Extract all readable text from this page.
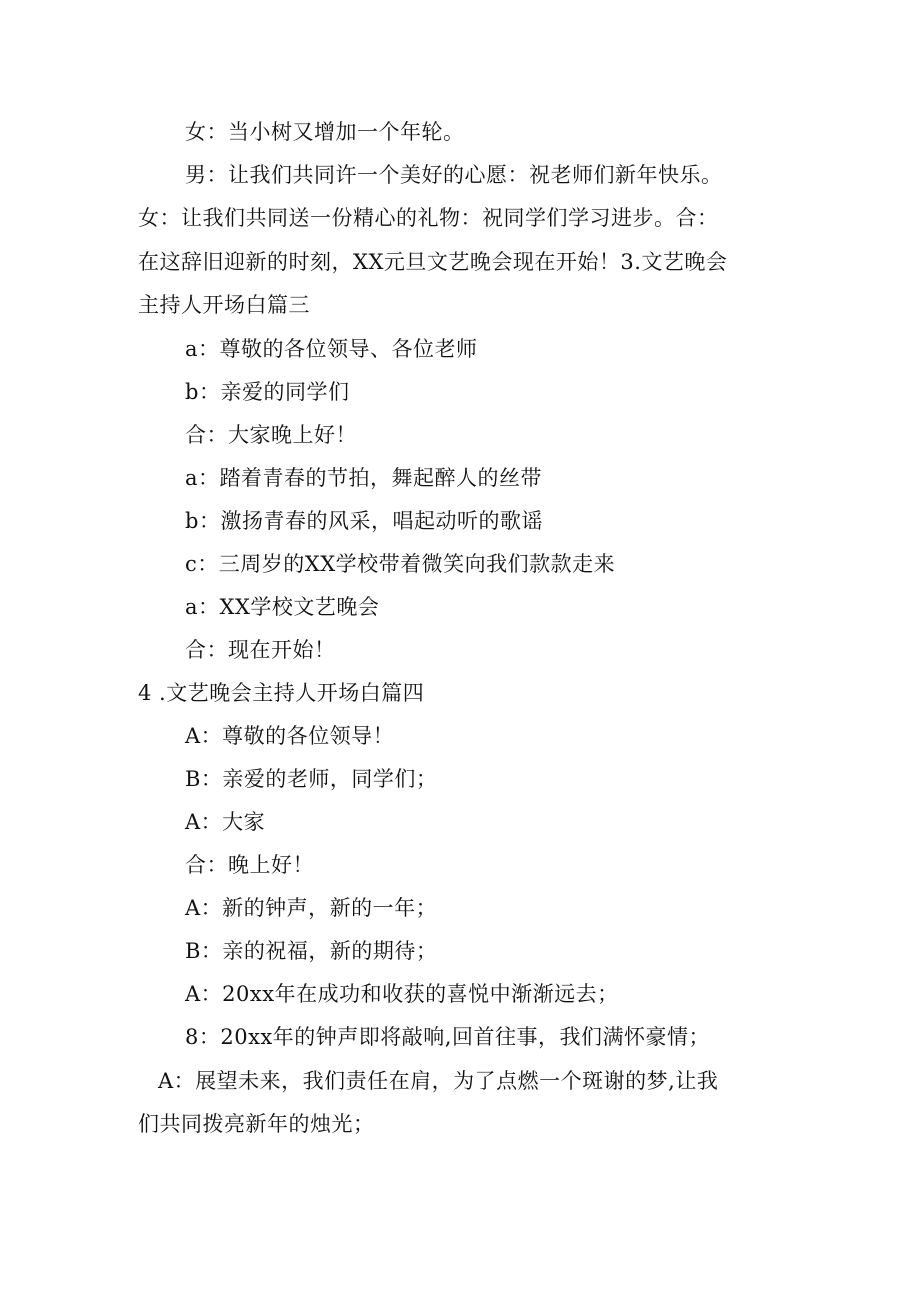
女：当小树又增加一个年轮。
男：让我们共同许一个美好的心愿：祝老师们新年快乐。
女：让我们共同送一份精心的礼物：祝同学们学习进步。合：
在这辞旧迎新的时刻，XX元旦文艺晚会现在开始！3.文艺晚会
主持人开场白篇三
a：尊敬的各位领导、各位老师
b：亲爱的同学们
合：大家晚上好！
a：踏着青春的节拍，舞起醉人的丝带
b：激扬青春的风采，唱起动听的歌谣
c：三周岁的XX学校带着微笑向我们款款走来
a：XX学校文艺晚会
合：现在开始！
4 .文艺晚会主持人开场白篇四
A：尊敬的各位领导！
B：亲爱的老师，同学们；
A：大家
合：晚上好！
A：新的钟声，新的一年；
B：亲的祝福，新的期待；
A：20xx年在成功和收获的喜悦中渐渐远去；
8：20xx年的钟声即将敲响,回首往事，我们满怀豪情；
A：展望未来，我们责任在肩，为了点燃一个斑谢的梦,让我
们共同拨亮新年的烛光；
